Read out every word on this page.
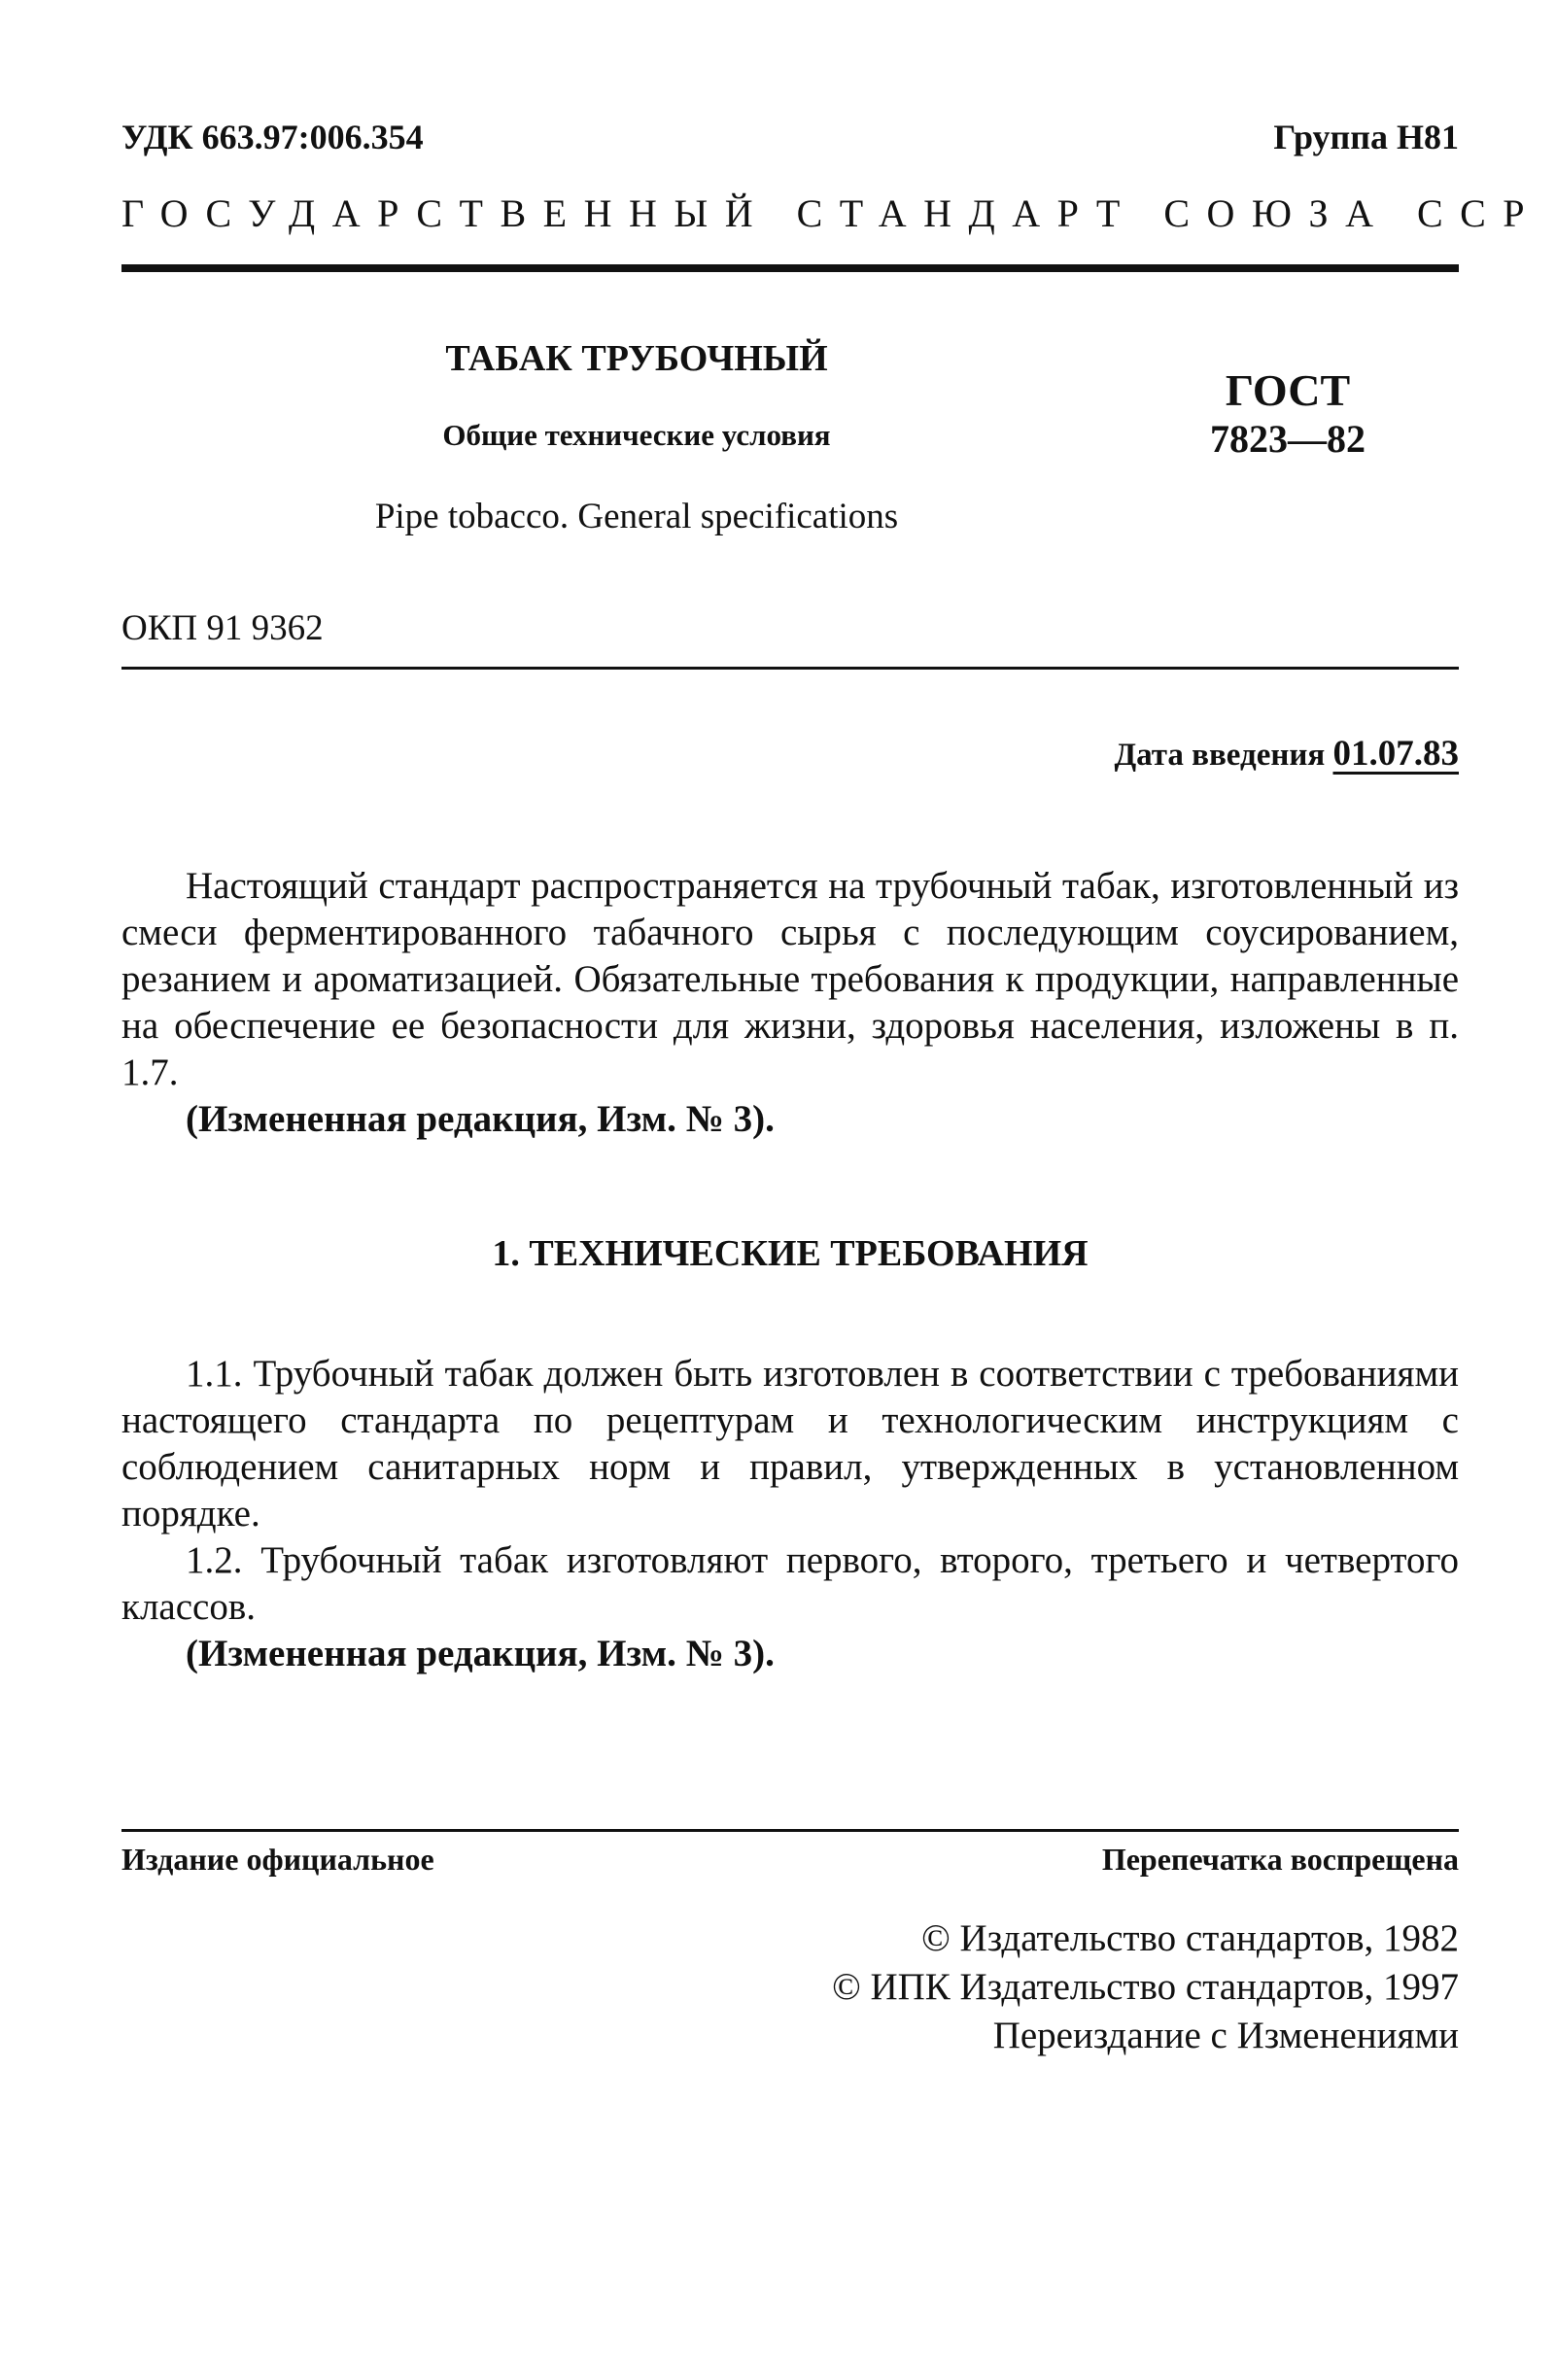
УДК 663.97:006.354	Группа Н81
ГОСУДАРСТВЕННЫЙ СТАНДАРТ СОЮЗА ССР
ТАБАК ТРУБОЧНЫЙ
Общие технические условия
Pipe tobacco. General specifications
ГОСТ
7823—82
ОКП 91 9362
Дата введения 01.07.83

Настоящий стандарт распространяется на трубочный табак, изготовленный из смеси ферментированного табачного сырья с последующим соусированием, резанием и ароматизацией. Обязательные требования к продукции, направленные на обеспечение ее безопасности для жизни, здоровья населения, изложены в п. 1.7.

(Измененная редакция, Изм. № 3).

1. ТЕХНИЧЕСКИЕ ТРЕБОВАНИЯ

1.1. Трубочный табак должен быть изготовлен в соответствии с требованиями настоящего стандарта по рецептурам и технологическим инструкциям с соблюдением санитарных норм и правил, утвержденных в установленном порядке.

1.2. Трубочный табак изготовляют первого, второго, третьего и четвертого классов.

(Измененная редакция, Изм. № 3).

Издание официальное	Перепечатка воспрещена
© Издательство стандартов, 1982
© ИПК Издательство стандартов, 1997
Переиздание с Изменениями
